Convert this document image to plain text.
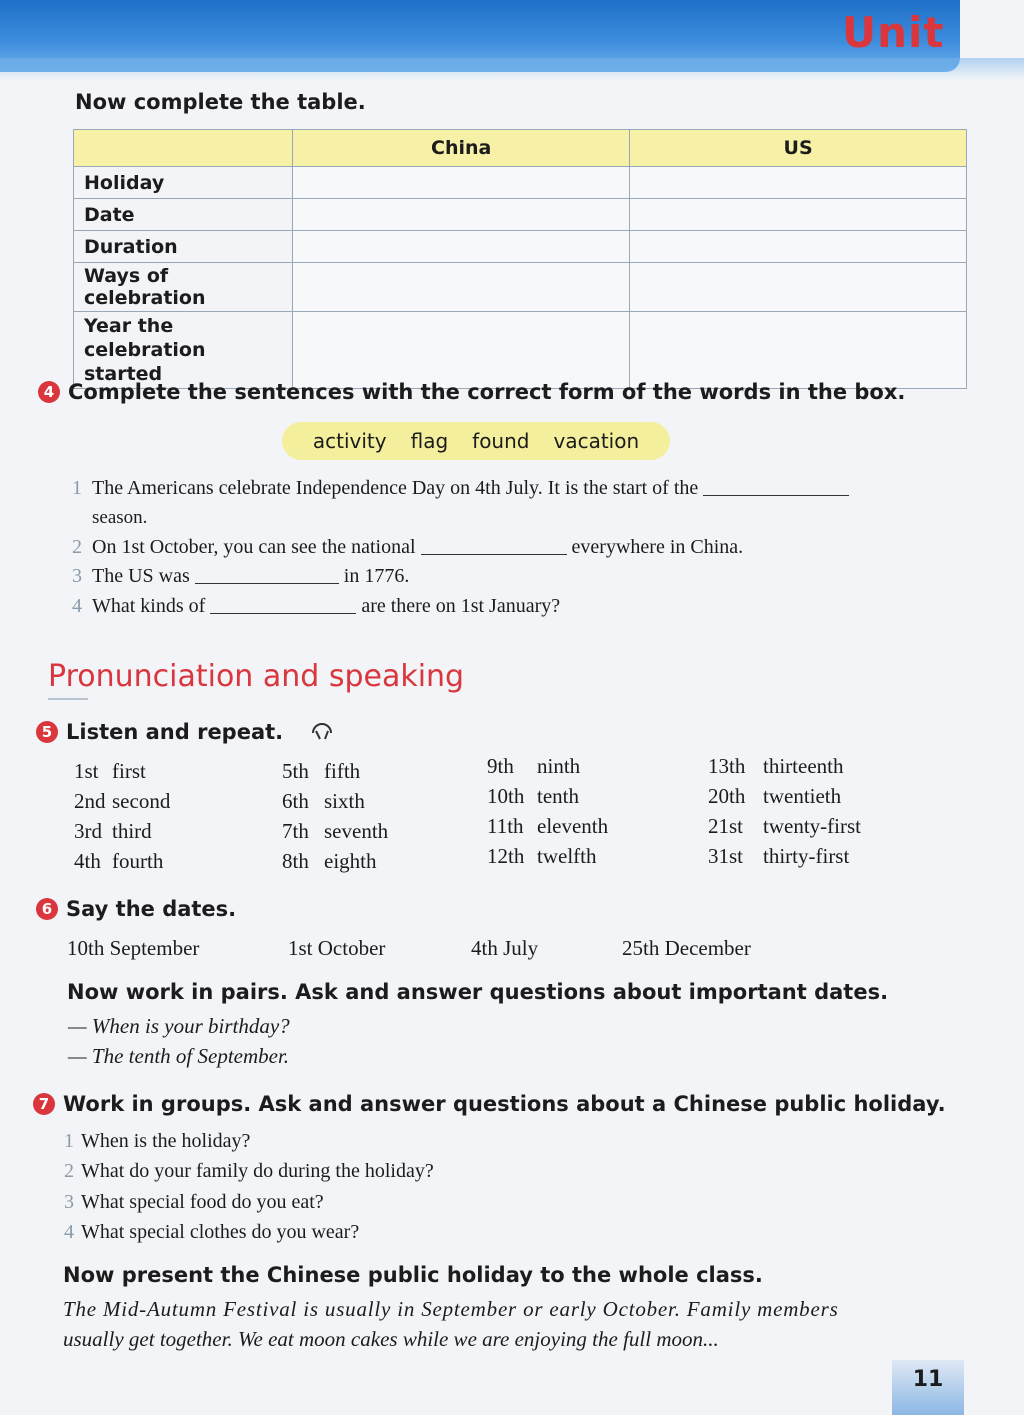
Unit
Now complete the table.
	China	US
Holiday		
Date		
Duration		
Ways of celebration		
Year the celebration started		
4 Complete the sentences with the correct form of the words in the box.
activity flag found vacation
1 The Americans celebrate Independence Day on 4th July. It is the start of the
season.
2 On 1st October, you can see the national	everywhere in China.
3 The US was	in 1776.
4 What kinds of	are there on 1st January?
Pronunciation and speaking
5 Listen and repeat.
1st first
2nd second
3rd third
4th fourth
5th fifth
6th sixth
7th seventh
8th eighth
9th ninth
10th tenth
11th eleventh
12th twelfth
13th thirteenth
20th twentieth
21st twenty-first
31st thirty-first
6 Say the dates.
10th September	1st October	4th July	25th December
Now work in pairs. Ask and answer questions about important dates.
— When is your birthday?
— The tenth of September.
7 Work in groups. Ask and answer questions about a Chinese public holiday.
1 When is the holiday?
2 What do your family do during the holiday?
3 What special food do you eat?
4 What special clothes do you wear?
Now present the Chinese public holiday to the whole class.
The Mid-Autumn Festival is usually in September or early October. Family members
usually get together. We eat moon cakes while we are enjoying the full moon...
11
